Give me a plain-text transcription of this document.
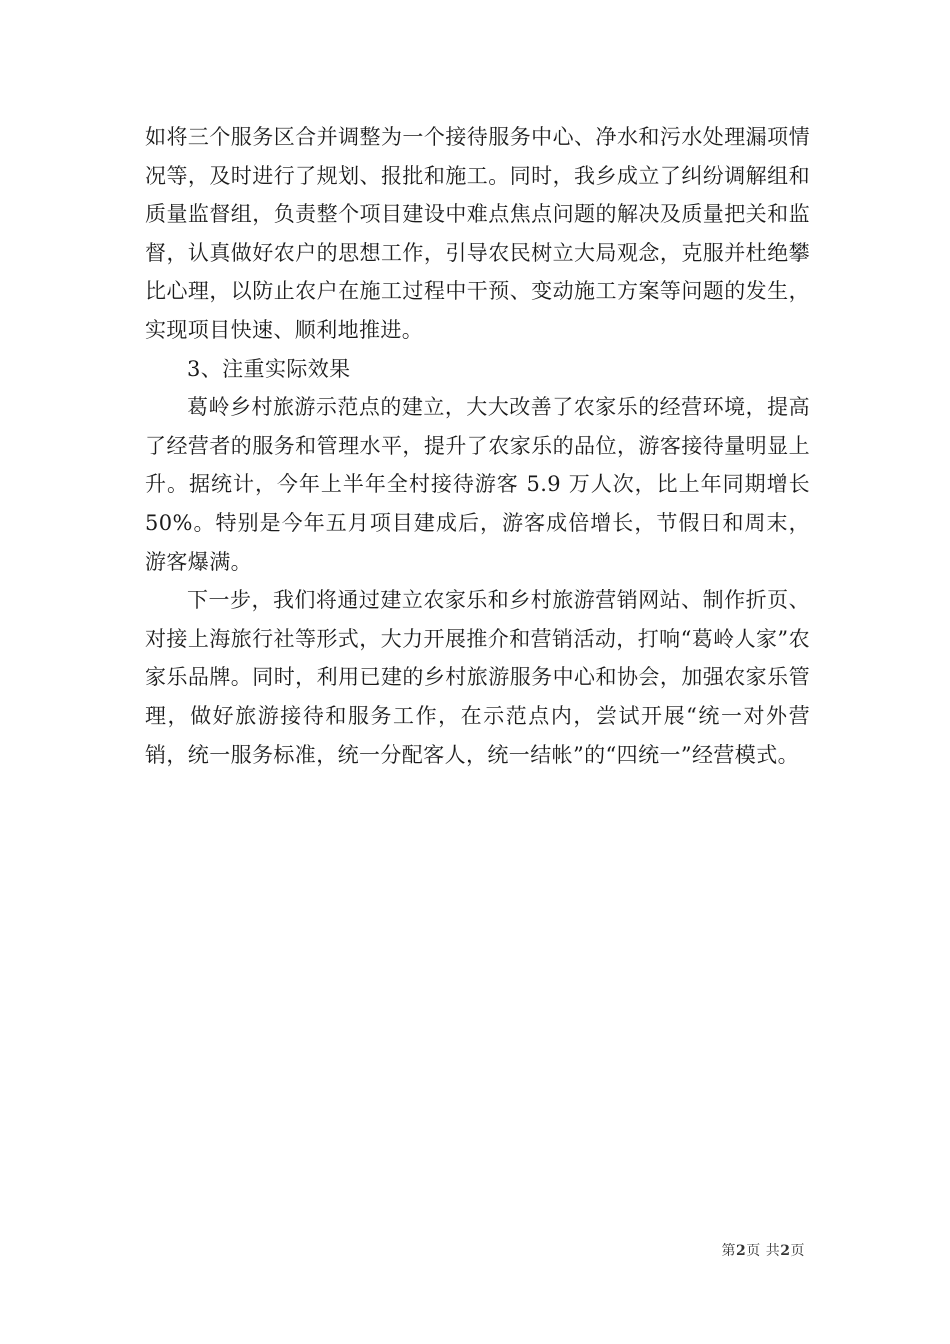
如将三个服务区合并调整为一个接待服务中心、净水和污水处理漏项情况等，及时进行了规划、报批和施工。同时，我乡成立了纠纷调解组和质量监督组，负责整个项目建设中难点焦点问题的解决及质量把关和监督，认真做好农户的思想工作，引导农民树立大局观念，克服并杜绝攀比心理，以防止农户在施工过程中干预、变动施工方案等问题的发生，实现项目快速、顺利地推进。

3、注重实际效果

葛岭乡村旅游示范点的建立，大大改善了农家乐的经营环境，提高了经营者的服务和管理水平，提升了农家乐的品位，游客接待量明显上升。据统计，今年上半年全村接待游客 5.9 万人次，比上年同期增长 50%。特别是今年五月项目建成后，游客成倍增长，节假日和周末，游客爆满。

下一步，我们将通过建立农家乐和乡村旅游营销网站、制作折页、对接上海旅行社等形式，大力开展推介和营销活动，打响“葛岭人家”农家乐品牌。同时，利用已建的乡村旅游服务中心和协会，加强农家乐管理，做好旅游接待和服务工作，在示范点内，尝试开展“统一对外营销，统一服务标准，统一分配客人，统一结帐”的“四统一”经营模式。

第2页 共2页
